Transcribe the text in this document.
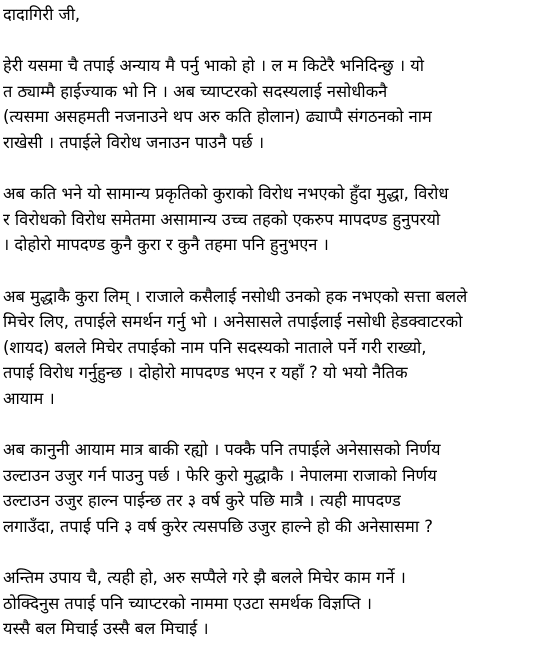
दादागिरी जी,
हेरी यसमा चै तपाई अन्याय मै पर्नु भाको हो । ल म किटेरै भनिदिन्छु । यो
त ठ्याम्मै हाईज्याक भो नि । अब च्याप्टरको सदस्यलाई नसोधीकनै
(त्यसमा असहमती नजनाउने थप अरु कति होलान) ढ्याप्पै संगठनको नाम
राखेसी । तपाईले विरोध जनाउन पाउनै पर्छ ।
अब कति भने यो सामान्य प्रकृतिको कुराको विरोध नभएको हुँदा मुद्धा, विरोध
र विरोधको विरोध समेतमा असामान्य उच्च तहको एकरुप मापदण्ड हुनुपरयो
। दोहोरो मापदण्ड कुनै कुरा र कुनै तहमा पनि हुनुभएन ।
अब मुद्धाकै कुरा लिम् । राजाले कसैलाई नसोधी उनको हक नभएको सत्ता बलले
मिचेर लिए, तपाईले समर्थन गर्नु भो । अनेसासले तपाईलाई नसोधी हेडक्वाटरको
(शायद) बलले मिचेर तपाईको नाम पनि सदस्यको नाताले पर्ने गरी राख्यो,
तपाई विरोध गर्नुहुन्छ । दोहोरो मापदण्ड भएन र यहाँ ? यो भयो नैतिक
आयाम ।
अब कानुनी आयाम मात्र बाकी रह्यो । पक्कै पनि तपाईले अनेसासको निर्णय
उल्टाउन उजुर गर्न पाउनु पर्छ । फेरि कुरो मुद्धाकै । नेपालमा राजाको निर्णय
उल्टाउन उजुर हाल्न पाईन्छ तर ३ वर्ष कुरे पछि मात्रै । त्यही मापदण्ड
लगाउँदा, तपाई पनि ३ वर्ष कुरेर त्यसपछि उजुर हाल्ने हो की अनेसासमा ?
अन्तिम उपाय चै, त्यही हो, अरु सप्पैले गरे झै बलले मिचेर काम गर्ने ।
ठोक्दिनुस तपाई पनि च्याप्टरको नाममा एउटा समर्थक विज्ञप्ति ।
यस्सै बल मिचाई उस्सै बल मिचाई ।
